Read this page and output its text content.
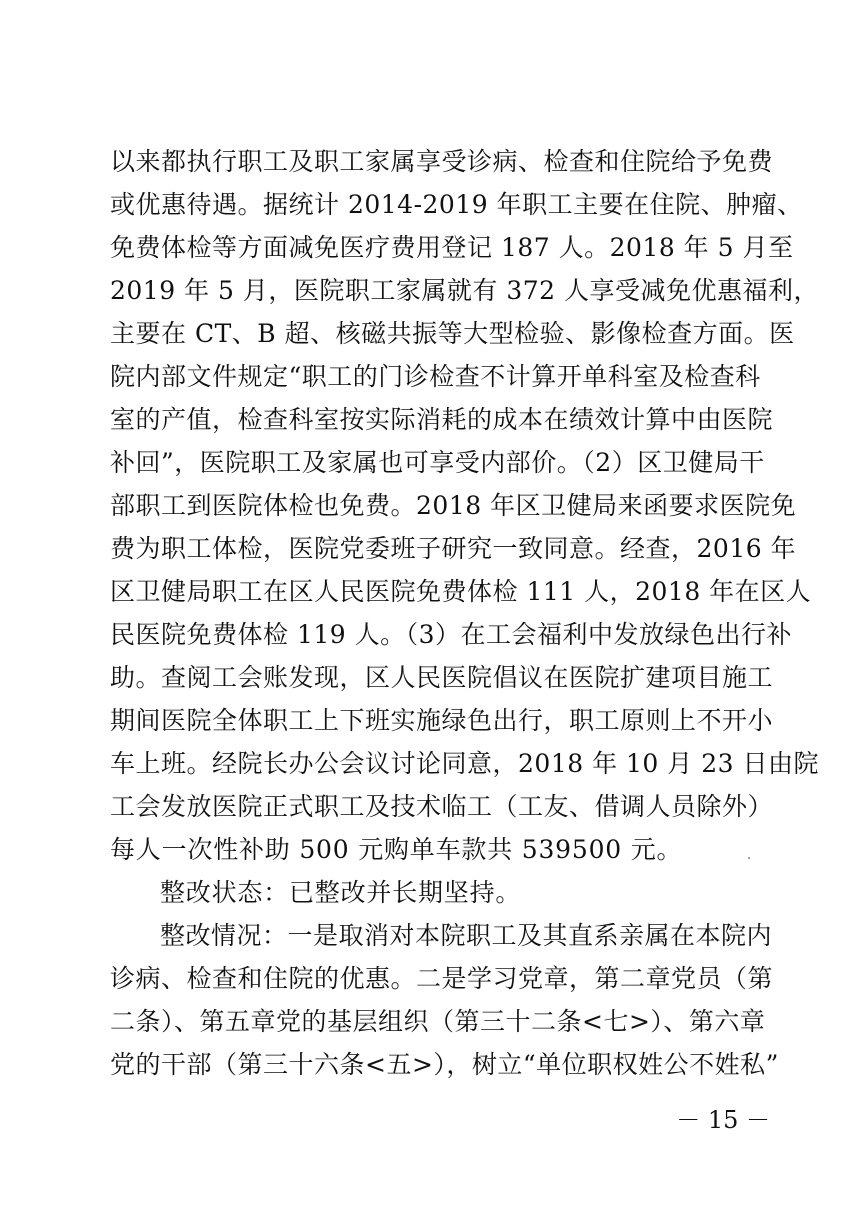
以来都执行职工及职工家属享受诊病、检查和住院给予免费
或优惠待遇。据统计 2014-2019 年职工主要在住院、肿瘤、
免费体检等方面减免医疗费用登记 187 人。2018 年 5 月至
2019 年 5 月，医院职工家属就有 372 人享受减免优惠福利，
主要在 CT、B 超、核磁共振等大型检验、影像检查方面。医
院内部文件规定“职工的门诊检查不计算开单科室及检查科
室的产值，检查科室按实际消耗的成本在绩效计算中由医院
补回”，医院职工及家属也可享受内部价。（2）区卫健局干
部职工到医院体检也免费。2018 年区卫健局来函要求医院免
费为职工体检，医院党委班子研究一致同意。经查，2016 年
区卫健局职工在区人民医院免费体检 111 人，2018 年在区人
民医院免费体检 119 人。（3）在工会福利中发放绿色出行补
助。查阅工会账发现，区人民医院倡议在医院扩建项目施工
期间医院全体职工上下班实施绿色出行，职工原则上不开小
车上班。经院长办公会议讨论同意，2018 年 10 月 23 日由院
工会发放医院正式职工及技术临工（工友、借调人员除外）
每人一次性补助 500 元购单车款共 539500 元。
整改状态：已整改并长期坚持。
整改情况：一是取消对本院职工及其直系亲属在本院内
诊病、检查和住院的优惠。二是学习党章，第二章党员（第
二条）、第五章党的基层组织（第三十二条<七>）、第六章
党的干部（第三十六条<五>），树立“单位职权姓公不姓私”
－ 15 －
